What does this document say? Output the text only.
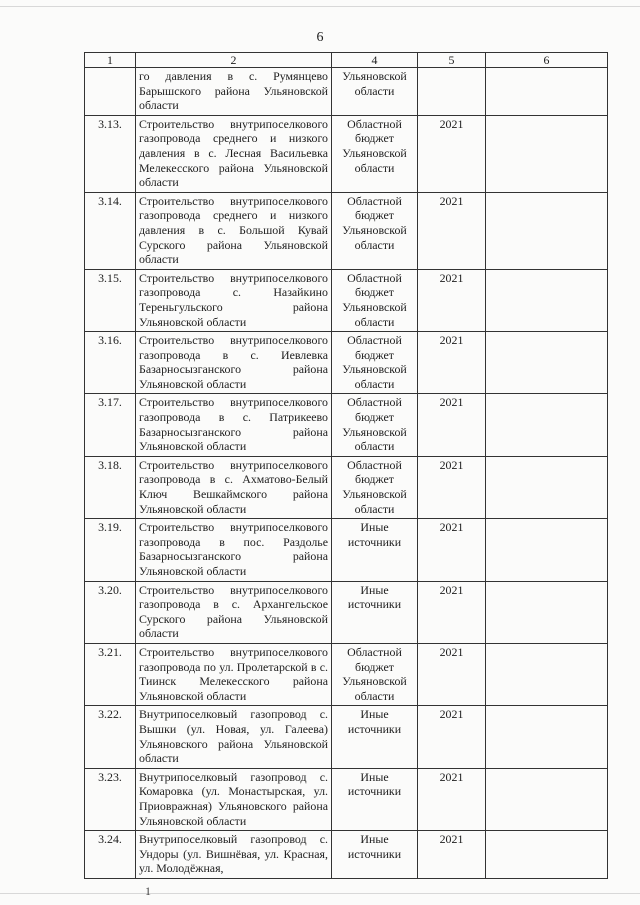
6
1	2	4	5	6
	го давления в с. Румянцево Барышского района Ульяновской области	Ульяновской области		
3.13.	Строительство внутрипоселкового газопровода среднего и низкого давления в с. Лесная Васильевка Мелекесского района Ульяновской области	Областной бюджет Ульяновской области	2021	
3.14.	Строительство внутрипоселкового газопровода среднего и низкого давления в с. Большой Кувай Сурского района Ульяновской области	Областной бюджет Ульяновской области	2021	
3.15.	Строительство внутрипоселкового газопровода с. Назайкино Тереньгульского района Ульяновской области	Областной бюджет Ульяновской области	2021	
3.16.	Строительство внутрипоселкового газопровода в с. Иевлевка Базарносызганского района Ульяновской области	Областной бюджет Ульяновской области	2021	
3.17.	Строительство внутрипоселкового газопровода в с. Патрикеево Базарносызганского района Ульяновской области	Областной бюджет Ульяновской области	2021	
3.18.	Строительство внутрипоселкового газопровода в с. Ахматово-Белый Ключ Вешкаймского района Ульяновской области	Областной бюджет Ульяновской области	2021	
3.19.	Строительство внутрипоселкового газопровода в пос. Раздолье Базарносызганского района Ульяновской области	Иные источники	2021	
3.20.	Строительство внутрипоселкового газопровода в с. Архангельское Сурского района Ульяновской области	Иные источники	2021	
3.21.	Строительство внутрипоселкового газопровода по ул. Пролетарской в с. Тиинск Мелекесского района Ульяновской области	Областной бюджет Ульяновской области	2021	
3.22.	Внутрипоселковый газопровод с. Вышки (ул. Новая, ул. Галеева) Ульяновского района Ульяновской области	Иные источники	2021	
3.23.	Внутрипоселковый газопровод с. Комаровка (ул. Монастырская, ул. Приовражная) Ульяновского района Ульяновской области	Иные источники	2021	
3.24.	Внутрипоселковый газопровод с. Ундоры (ул. Вишнёвая, ул. Красная, ул. Молодёжная,	Иные источники	2021	
1
